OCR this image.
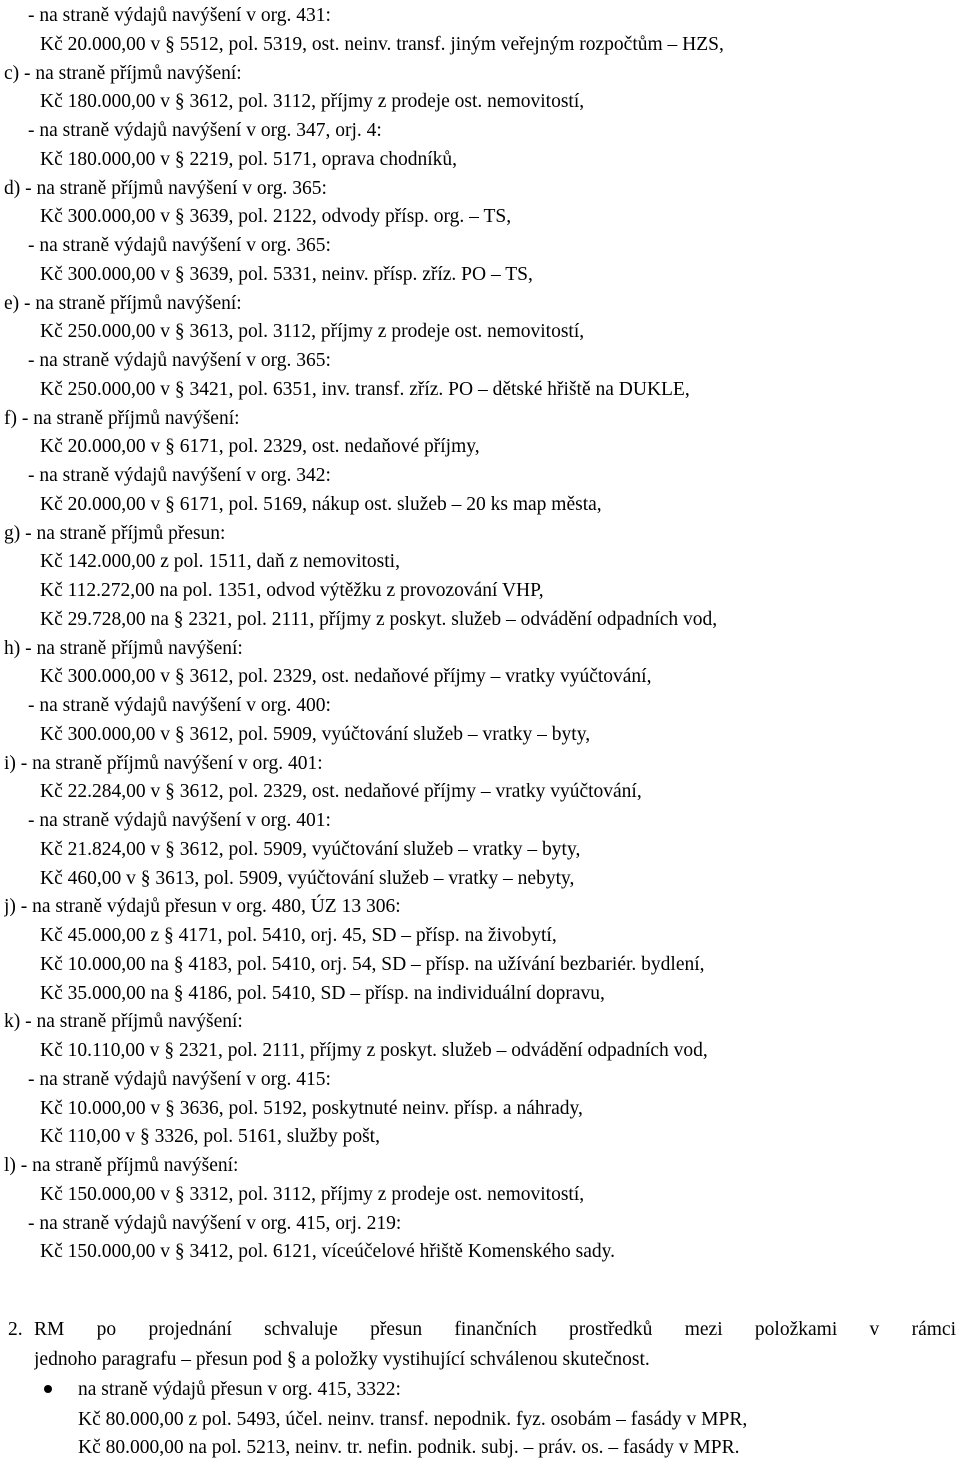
- na straně výdajů navýšení v org. 431:
Kč 20.000,00 v § 5512, pol. 5319, ost. neinv. transf. jiným veřejným rozpočtům – HZS,
c) - na straně příjmů navýšení:
Kč 180.000,00 v § 3612, pol. 3112, příjmy z prodeje ost. nemovitostí,
- na straně výdajů navýšení v org. 347, orj. 4:
Kč 180.000,00 v § 2219, pol. 5171, oprava chodníků,
d) - na straně příjmů navýšení v org. 365:
Kč 300.000,00 v § 3639, pol. 2122, odvody přísp. org. – TS,
- na straně výdajů navýšení v org. 365:
Kč 300.000,00 v § 3639, pol. 5331, neinv. přísp. zříz. PO – TS,
e) - na straně příjmů navýšení:
Kč 250.000,00 v § 3613, pol. 3112, příjmy z prodeje ost. nemovitostí,
- na straně výdajů navýšení v org. 365:
Kč 250.000,00 v § 3421, pol. 6351, inv. transf. zříz. PO – dětské hřiště na DUKLE,
f) - na straně příjmů navýšení:
Kč 20.000,00 v § 6171, pol. 2329, ost. nedaňové příjmy,
- na straně výdajů navýšení v org. 342:
Kč 20.000,00 v § 6171, pol. 5169, nákup ost. služeb – 20 ks map města,
g) - na straně příjmů přesun:
Kč 142.000,00 z pol. 1511, daň z nemovitosti,
Kč 112.272,00 na pol. 1351, odvod výtěžku z provozování VHP,
Kč 29.728,00 na § 2321, pol. 2111, příjmy z poskyt. služeb – odvádění odpadních vod,
h) - na straně příjmů navýšení:
Kč 300.000,00 v § 3612, pol. 2329, ost. nedaňové příjmy – vratky vyúčtování,
- na straně výdajů navýšení v org. 400:
Kč 300.000,00 v § 3612, pol. 5909, vyúčtování služeb – vratky – byty,
i) - na straně příjmů navýšení v org. 401:
Kč 22.284,00 v § 3612, pol. 2329, ost. nedaňové příjmy – vratky vyúčtování,
- na straně výdajů navýšení v org. 401:
Kč 21.824,00 v § 3612, pol. 5909, vyúčtování služeb – vratky – byty,
Kč 460,00 v § 3613, pol. 5909, vyúčtování služeb – vratky – nebyty,
j) - na straně výdajů přesun v org. 480, ÚZ 13 306:
Kč 45.000,00 z § 4171, pol. 5410, orj. 45, SD – přísp. na živobytí,
Kč 10.000,00 na § 4183, pol. 5410, orj. 54, SD – přísp. na užívání bezbariér. bydlení,
Kč 35.000,00 na § 4186, pol. 5410, SD – přísp. na individuální dopravu,
k) - na straně příjmů navýšení:
Kč 10.110,00 v § 2321, pol. 2111, příjmy z poskyt. služeb – odvádění odpadních vod,
- na straně výdajů navýšení v org. 415:
Kč 10.000,00 v § 3636, pol. 5192, poskytnuté neinv. přísp. a náhrady,
Kč 110,00 v § 3326, pol. 5161, služby pošt,
l) - na straně příjmů navýšení:
Kč 150.000,00 v § 3312, pol. 3112, příjmy z prodeje ost. nemovitostí,
- na straně výdajů navýšení v org. 415, orj. 219:
Kč 150.000,00 v § 3412, pol. 6121, víceúčelové hřiště Komenského sady.
2. RM po projednání schvaluje přesun finančních prostředků mezi položkami v rámci
jednoho paragrafu – přesun pod § a položky vystihující schválenou skutečnost.
na straně výdajů přesun v org. 415, 3322:
Kč 80.000,00 z pol. 5493, účel. neinv. transf. nepodnik. fyz. osobám – fasády v MPR,
Kč 80.000,00 na pol. 5213, neinv. tr. nefin. podnik. subj. – práv. os. – fasády v MPR.
